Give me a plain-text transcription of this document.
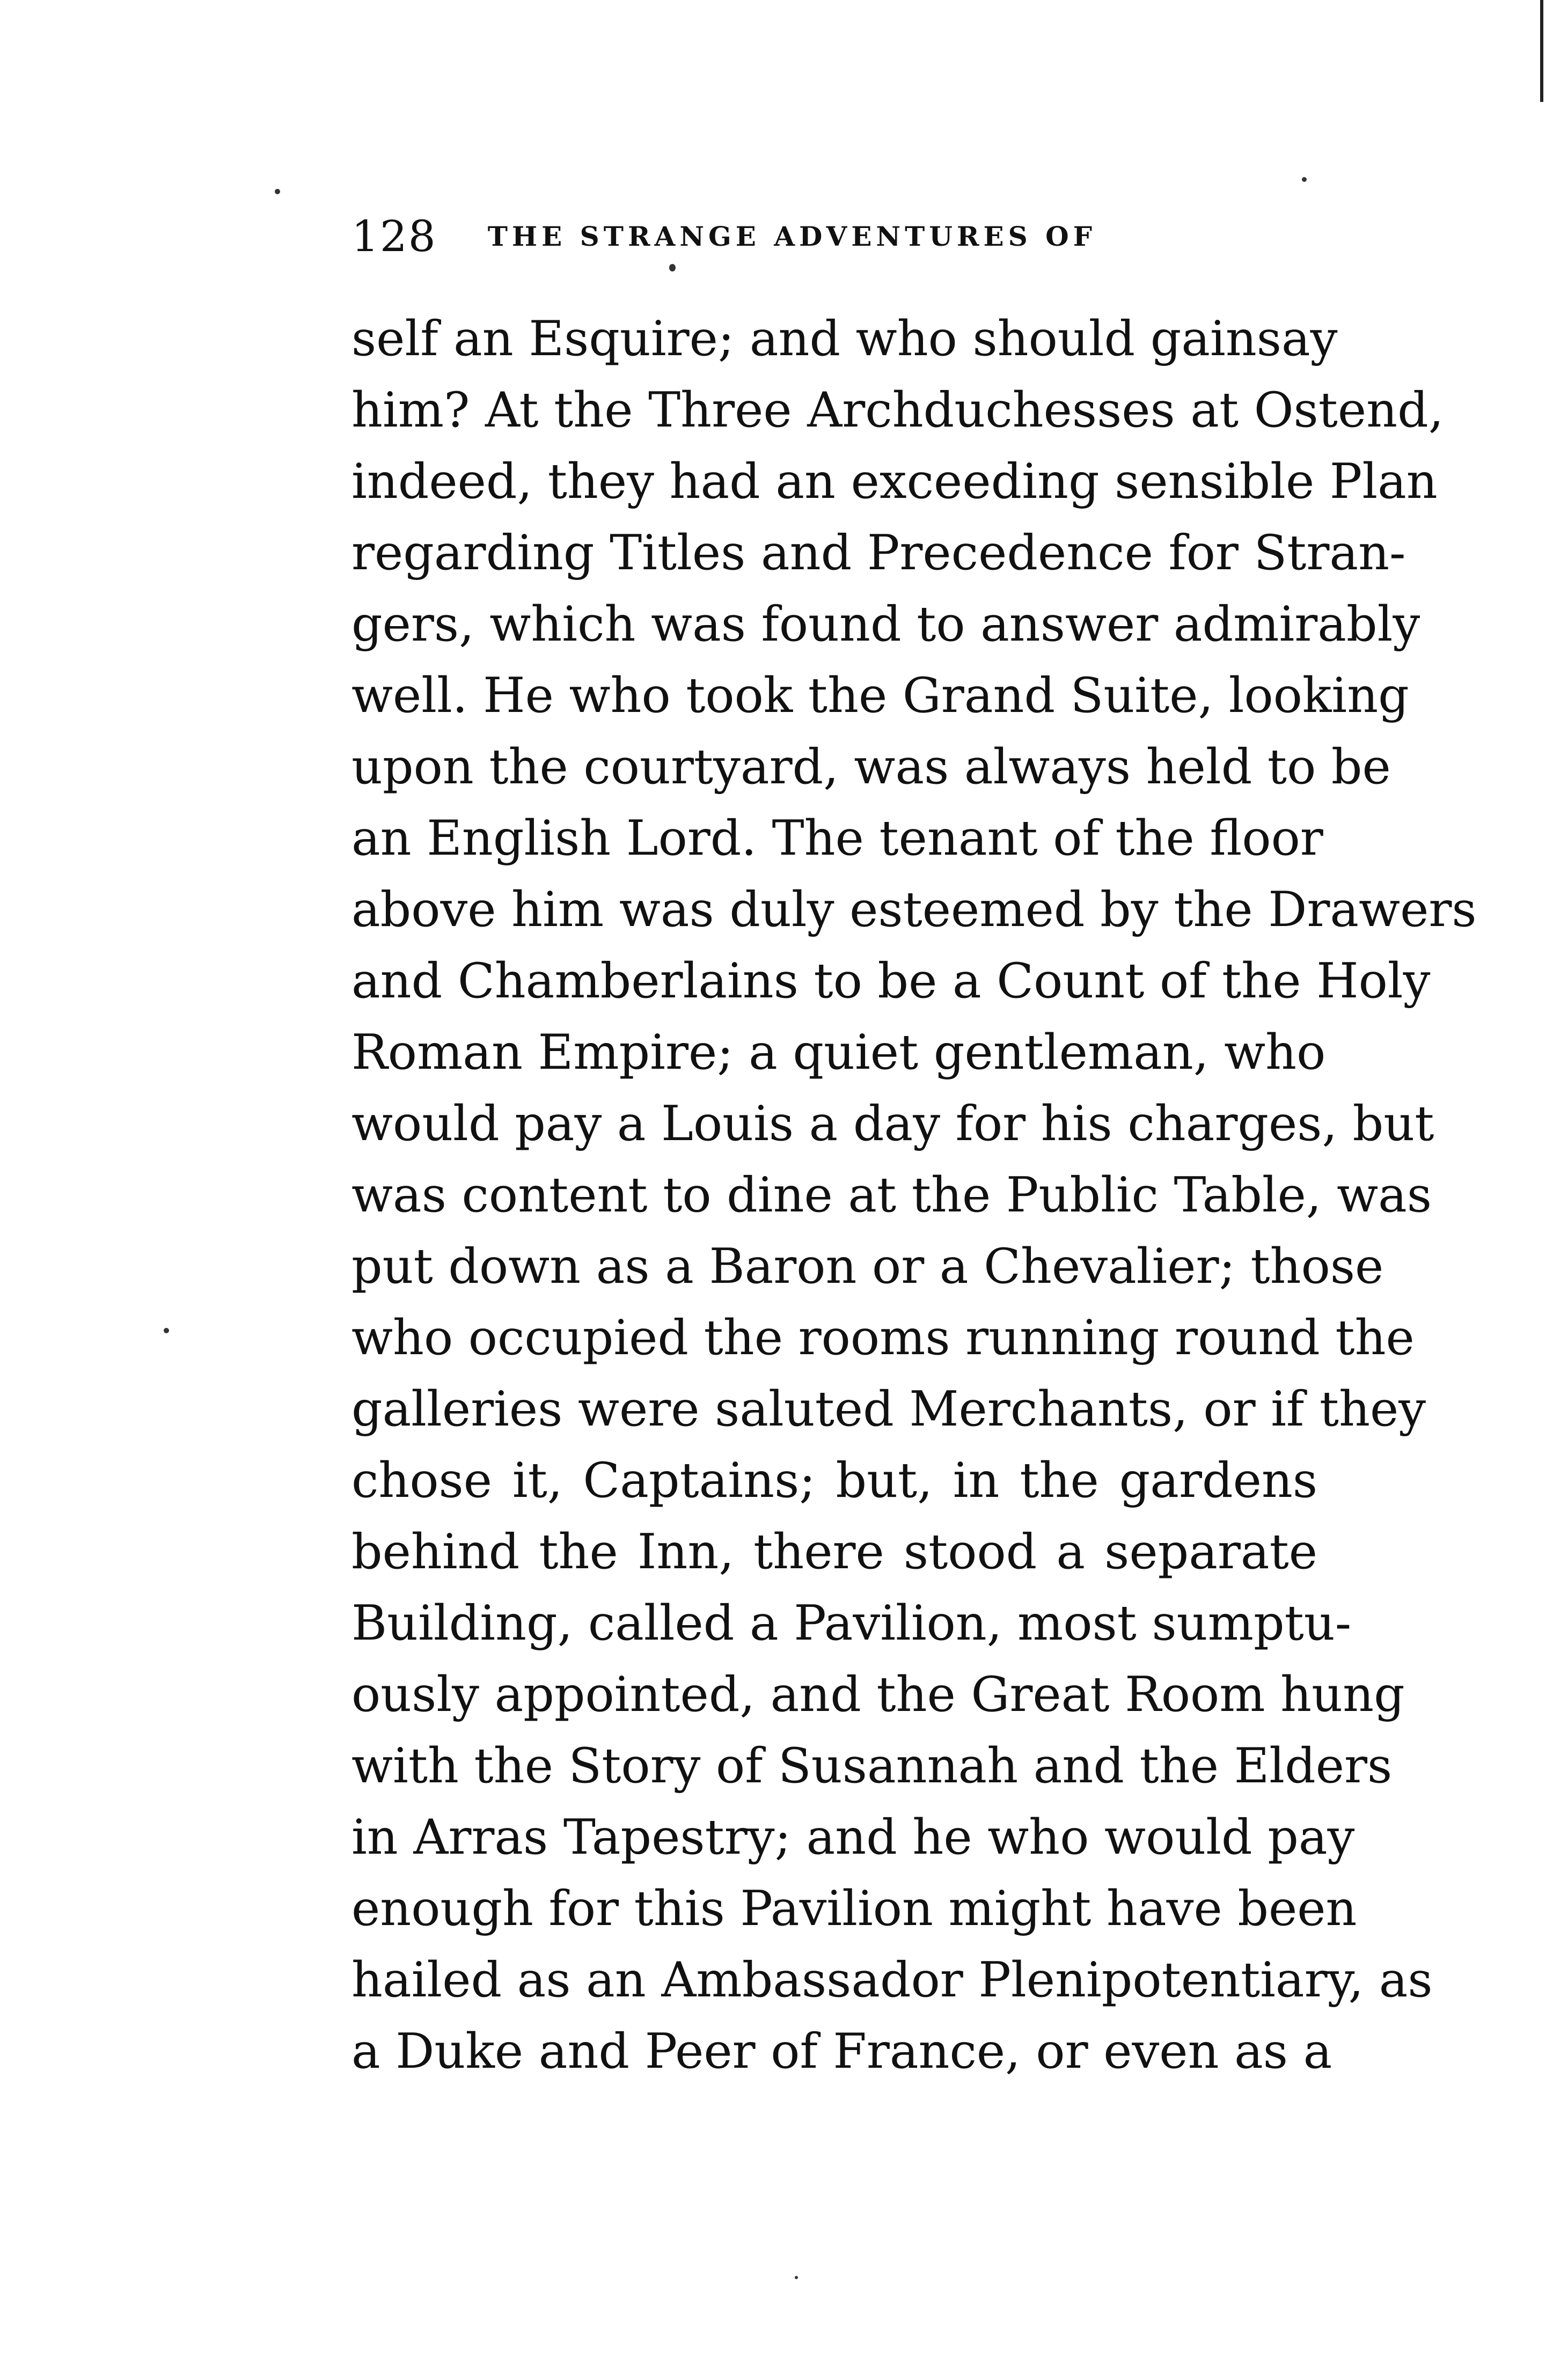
128 THE STRANGE ADVENTURES OF
self an Esquire; and who should gainsay
him? At the Three Archduchesses at Ostend,
indeed, they had an exceeding sensible Plan
regarding Titles and Precedence for Stran-
gers, which was found to answer admirably
well. He who took the Grand Suite, looking
upon the courtyard, was always held to be
an English Lord. The tenant of the floor
above him was duly esteemed by the Drawers
and Chamberlains to be a Count of the Holy
Roman Empire; a quiet gentleman, who
would pay a Louis a day for his charges, but
was content to dine at the Public Table, was
put down as a Baron or a Chevalier; those
who occupied the rooms running round the
galleries were saluted Merchants, or if they
chose it, Captains; but, in the gardens
behind the Inn, there stood a separate
Building, called a Pavilion, most sumptu-
ously appointed, and the Great Room hung
with the Story of Susannah and the Elders
in Arras Tapestry; and he who would pay
enough for this Pavilion might have been
hailed as an Ambassador Plenipotentiary, as
a Duke and Peer of France, or even as a
